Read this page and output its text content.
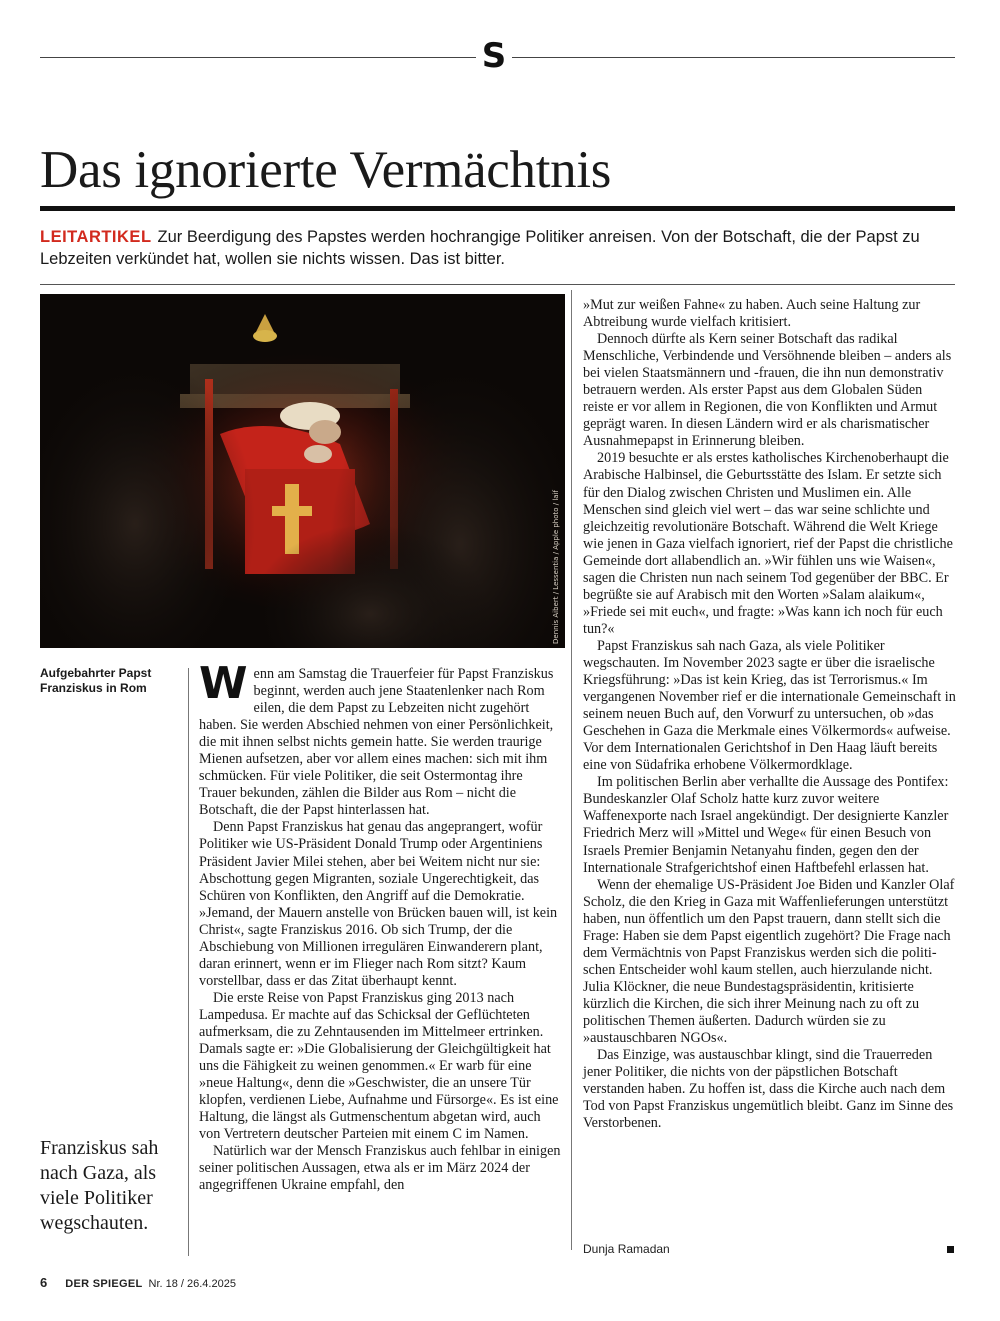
S
Das ignorierte Vermächtnis
LEITARTIKEL Zur Beerdigung des Papstes werden hochrangige Politiker anreisen. Von der Botschaft, die der Papst zu Lebzeiten verkündet hat, wollen sie nichts wissen. Das ist bitter.
Dennis Aibert / Lessentia / Apple photo / laif
Aufgebahrter Papst Franziskus in Rom
Franziskus sah nach Gaza, als viele Politiker wegschauten.

Wenn am Samstag die Trauerfeier für Papst Franziskus beginnt, werden auch jene Staatenlenker nach Rom eilen, die dem Papst zu Lebzeiten nicht zugehört haben. Sie werden Abschied nehmen von einer Persönlichkeit, die mit ihnen selbst nichts gemein hatte. Sie werden traurige Mienen aufsetzen, aber vor allem eines machen: sich mit ihm schmücken. Für viele Politiker, die seit Ostermontag ihre Trauer bekunden, zählen die Bilder aus Rom – nicht die Botschaft, die der Papst hinterlassen hat.

Denn Papst Franziskus hat genau das angeprangert, wofür Politiker wie US-Präsident Donald Trump oder Argentiniens Präsident Javier Milei stehen, aber bei Weitem nicht nur sie: Abschottung gegen Migranten, soziale Ungerechtigkeit, das Schüren von Konflikten, den Angriff auf die Demokratie. »Jemand, der Mauern anstelle von Brücken bauen will, ist kein Christ«, sagte Franziskus 2016. Ob sich Trump, der die Abschiebung von Millionen irregulären Einwanderern plant, daran erinnert, wenn er im Flieger nach Rom sitzt? Kaum vorstellbar, dass er das Zitat überhaupt kennt.

Die erste Reise von Papst Franziskus ging 2013 nach Lampedusa. Er machte auf das Schicksal der Geflüchteten aufmerksam, die zu Zehntausenden im Mittelmeer ertrinken. Damals sagte er: »Die Globalisierung der Gleichgültigkeit hat uns die Fähigkeit zu weinen genommen.« Er warb für eine »neue Haltung«, denn die »Geschwister, die an unsere Tür klopfen, verdienen Liebe, Aufnahme und Fürsorge«. Es ist eine Haltung, die längst als Gutmenschentum abgetan wird, auch von Vertretern deutscher Parteien mit einem C im Namen.

Natürlich war der Mensch Franziskus auch fehlbar in einigen seiner politischen Aussagen, etwa als er im März 2024 der angegriffenen Ukraine empfahl, den

»Mut zur weißen Fahne« zu haben. Auch seine Haltung zur Abtreibung wurde vielfach kritisiert.

Dennoch dürfte als Kern seiner Botschaft das radikal Menschliche, Verbindende und Versöhnende bleiben – anders als bei vielen Staatsmännern und -frauen, die ihn nun demonstrativ betrauern werden. Als erster Papst aus dem Globalen Süden reiste er vor allem in Regionen, die von Konflikten und Armut geprägt waren. In diesen Ländern wird er als charismatischer Ausnahmepapst in Erinnerung bleiben.

2019 besuchte er als erstes katholisches Kirchenoberhaupt die Arabische Halbinsel, die Geburtsstätte des Islam. Er setzte sich für den Dialog zwischen Christen und Muslimen ein. Alle Menschen sind gleich viel wert – das war seine schlichte und gleichzeitig revolutionäre Botschaft. Während die Welt Kriege wie jenen in Gaza vielfach ignoriert, rief der Papst die christliche Gemeinde dort allabendlich an. »Wir fühlen uns wie Waisen«, sagen die Christen nun nach seinem Tod gegenüber der BBC. Er begrüßte sie auf Arabisch mit den Worten »Salam alaikum«, »Friede sei mit euch«, und fragte: »Was kann ich noch für euch tun?«

Papst Franziskus sah nach Gaza, als viele Politiker wegschauten. Im November 2023 sagte er über die israelische Kriegsführung: »Das ist kein Krieg, das ist Terrorismus.« Im vergangenen November rief er die internationale Gemeinschaft in seinem neuen Buch auf, den Vorwurf zu untersuchen, ob »das Geschehen in Gaza die Merkmale eines Völkermords« aufweise. Vor dem Internationalen Gerichtshof in Den Haag läuft bereits eine von Südafrika erhobene Völkermordklage.

Im politischen Berlin aber verhallte die Aussage des Pontifex: Bundeskanzler Olaf Scholz hatte kurz zuvor weitere Waffenexporte nach Israel angekündigt. Der designierte Kanzler Friedrich Merz will »Mittel und Wege« für einen Besuch von Israels Premier Benjamin Netanyahu finden, gegen den der Internationale Strafgerichtshof einen Haftbefehl erlassen hat.

Wenn der ehemalige US-Präsident Joe Biden und Kanzler Olaf Scholz, die den Krieg in Gaza mit Waffenlieferungen unterstützt haben, nun öffentlich um den Papst trauern, dann stellt sich die Frage: Haben sie dem Papst eigentlich zugehört? Die Frage nach dem Vermächtnis von Papst Franziskus werden sich die politischen Entscheider wohl kaum stellen, auch hierzulande nicht. Julia Klöckner, die neue Bundestagspräsidentin, kritisierte kürzlich die Kirchen, die sich ihrer Meinung nach zu oft zu politischen Themen äußerten. Dadurch würden sie zu »austauschbaren NGOs«.

Das Einzige, was austauschbar klingt, sind die Trauerreden jener Politiker, die nichts von der päpstlichen Botschaft verstanden haben. Zu hoffen ist, dass die Kirche auch nach dem Tod von Papst Franziskus ungemütlich bleibt. Ganz im Sinne des Verstorbenen.

Dunja Ramadan
6 DER SPIEGEL Nr. 18 / 26.4.2025
